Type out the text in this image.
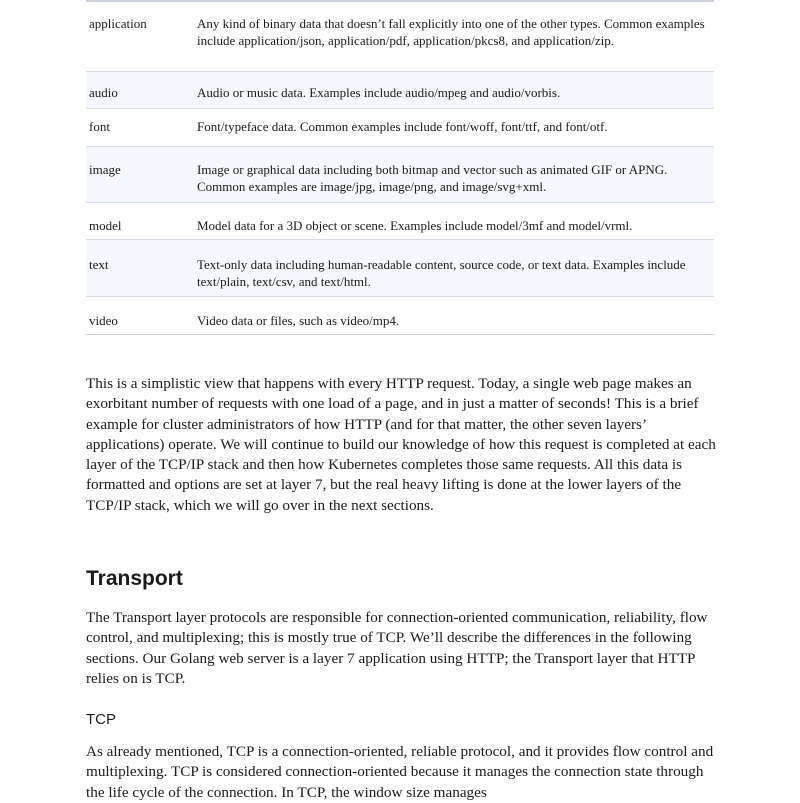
application	Any kind of binary data that doesn’t fall explicitly into one of the other types. Common examples include application/json, application/pdf, application/pkcs8, and application/zip.
audio	Audio or music data. Examples include audio/mpeg and audio/vorbis.
font	Font/typeface data. Common examples include font/woff, font/ttf, and font/otf.
image	Image or graphical data including both bitmap and vector such as animated GIF or APNG. Common examples are image/jpg, image/png, and image/svg+xml.
model	Model data for a 3D object or scene. Examples include model/3mf and model/vrml.
text	Text-only data including human-readable content, source code, or text data. Examples include text/plain, text/csv, and text/html.
video	Video data or files, such as video/mp4.

This is a simplistic view that happens with every HTTP request. Today, a single web page makes an exorbitant number of requests with one load of a page, and in just a matter of seconds! This is a brief example for cluster administrators of how HTTP (and for that matter, the other seven layers’ applications) operate. We will continue to build our knowledge of how this request is completed at each layer of the TCP/IP stack and then how Kubernetes completes those same requests. All this data is formatted and options are set at layer 7, but the real heavy lifting is done at the lower layers of the TCP/IP stack, which we will go over in the next sections.

Transport

The Transport layer protocols are responsible for connection-oriented communication, reliability, flow control, and multiplexing; this is mostly true of TCP. We’ll describe the differences in the following sections. Our Golang web server is a layer 7 application using HTTP; the Transport layer that HTTP relies on is TCP.

TCP

As already mentioned, TCP is a connection-oriented, reliable protocol, and it provides flow control and multiplexing. TCP is considered connection-oriented because it manages the connection state through the life cycle of the connection. In TCP, the window size manages
